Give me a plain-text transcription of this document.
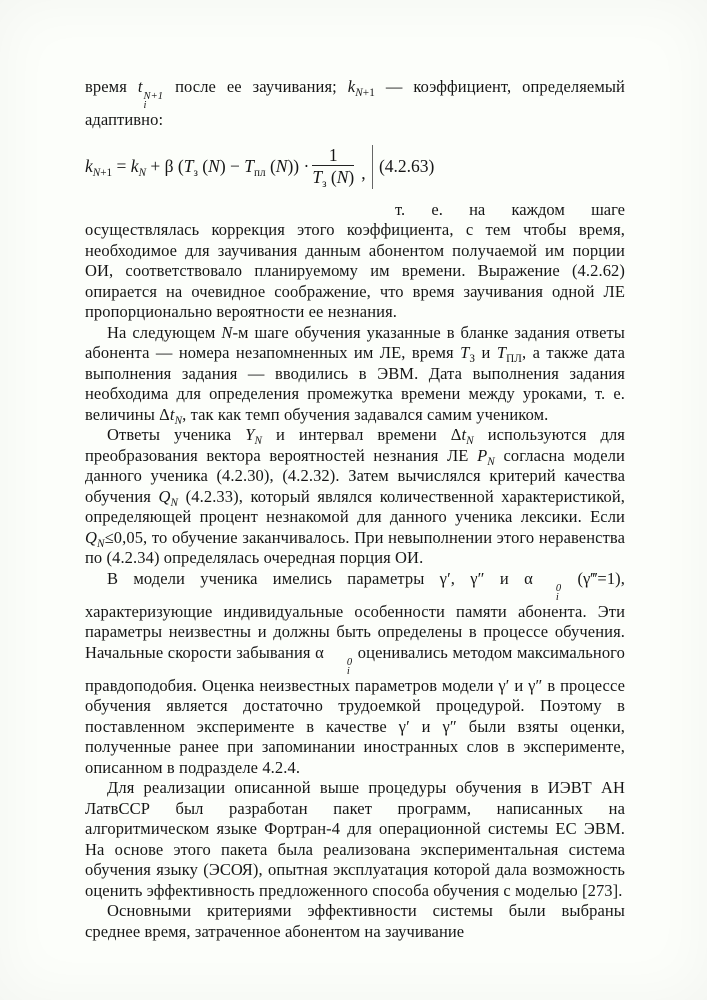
время t
N+1
i
после ее заучивания; $k_{N+1}$ — коэффициент, определяемый адаптивно:

$k_{N+1} = k_N + \beta$ ($T_з$ $(N) - T_{пл}$ $(N)) \cdot \frac{1}{T_з (N)}$ , (4.2.63)
т. е. на каждом шаге

осуществлялась коррекция этого коэффициента, с тем чтобы время, необходимое для заучивания данным абонентом получаемой им порции ОИ, соответствовало планируемому им времени. Выражение (4.2.62) опирается на очевидное соображение, что время заучивания одной ЛЕ пропорционально вероятности ее незнания.

На следующем N-м шаге обучения указанные в бланке задания ответы абонента — номера незапомненных им ЛЕ, время $T_З$ и $T_{ПЛ}$, а также дата выполнения задания — вводились в ЭВМ. Дата выполнения задания необходима для определения промежутка времени между уроками, т. е. величины $\Delta t_N$, так как темп обучения задавался самим учеником.

Ответы ученика $Y_N$ и интервал времени $\Delta t_N$ используются для преобразования вектора вероятностей незнания ЛЕ $P_N$ согласна модели данного ученика (4.2.30), (4.2.32). Затем вычислялся критерий качества обучения $Q_N$ (4.2.33), который являлся количественной характеристикой, определяющей процент незнакомой для данного ученика лексики. Если $Q_N\le 0,05$, то обучение заканчивалось. При невыполнении этого неравенства по (4.2.34) определялась очередная порция ОИ.

В модели ученика имелись параметры γ′, γ″ и α
0
i
(γ‴=1), характеризующие индивидуальные особенности памяти абонента. Эти параметры неизвестны и должны быть определены в процессе обучения. Начальные скорости забывания α
0
i
оценивались методом максимального правдоподобия. Оценка неизвестных параметров модели γ′ и γ″ в процессе обучения является достаточно трудоемкой процедурой. Поэтому в поставленном эксперименте в качестве γ′ и γ″ были взяты оценки, полученные ранее при запоминании иностранных слов в эксперименте, описанном в подразделе 4.2.4.

Для реализации описанной выше процедуры обучения в ИЭВТ АН ЛатвССР был разработан пакет программ, написанных на алгоритмическом языке Фортран-4 для операционной системы ЕС ЭВМ. На основе этого пакета была реализована экспериментальная система обучения языку (ЭСОЯ), опытная эксплуатация которой дала возможность оценить эффективность предложенного способа обучения с моделью [273].

Основными критериями эффективности системы были выбраны среднее время, затраченное абонентом на заучивание
